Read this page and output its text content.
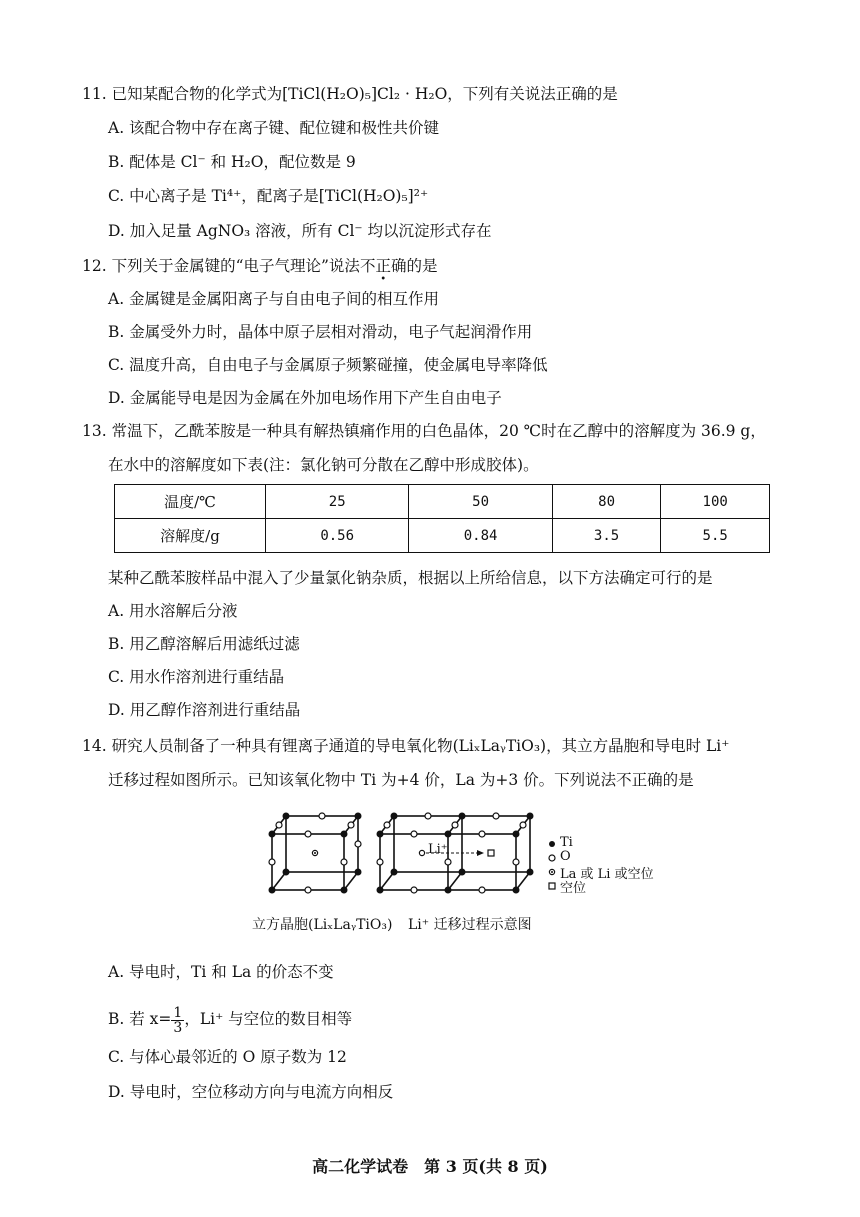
11. 已知某配合物的化学式为[TiCl(H₂O)₅]Cl₂ · H₂O，下列有关说法正确的是
A. 该配合物中存在离子键、配位键和极性共价键
B. 配体是 Cl⁻ 和 H₂O，配位数是 9
C. 中心离子是 Ti⁴⁺，配离子是[TiCl(H₂O)₅]²⁺
D. 加入足量 AgNO₃ 溶液，所有 Cl⁻ 均以沉淀形式存在
12. 下列关于金属键的“电子气理论”说法不正确的是
A. 金属键是金属阳离子与自由电子间的相互作用
B. 金属受外力时，晶体中原子层相对滑动，电子气起润滑作用
C. 温度升高，自由电子与金属原子频繁碰撞，使金属电导率降低
D. 金属能导电是因为金属在外加电场作用下产生自由电子
13. 常温下，乙酰苯胺是一种具有解热镇痛作用的白色晶体，20 ℃时在乙醇中的溶解度为 36.9 g，
在水中的溶解度如下表(注：氯化钠可分散在乙醇中形成胶体)。
温度/℃	25	50	80	100
溶解度/g	0.56	0.84	3.5	5.5
某种乙酰苯胺样品中混入了少量氯化钠杂质，根据以上所给信息，以下方法确定可行的是
A. 用水溶解后分液
B. 用乙醇溶解后用滤纸过滤
C. 用水作溶剂进行重结晶
D. 用乙醇作溶剂进行重结晶
14. 研究人员制备了一种具有锂离子通道的导电氧化物(LiₓLaᵧTiO₃)，其立方晶胞和导电时 Li⁺
迁移过程如图所示。已知该氧化物中 Ti 为+4 价，La 为+3 价。下列说法不正确的是
Li⁺	Ti
O
La 或 Li 或空位
空位
立方晶胞(LiₓLaᵧTiO₃) Li⁺ 迁移过程示意图
A. 导电时，Ti 和 La 的价态不变
B. 若 $x= \frac{1}{3}$ ，Li⁺ 与空位的数目相等
C. 与体心最邻近的 O 原子数为 12
D. 导电时，空位移动方向与电流方向相反
高二化学试卷　第 3 页(共 8 页)
